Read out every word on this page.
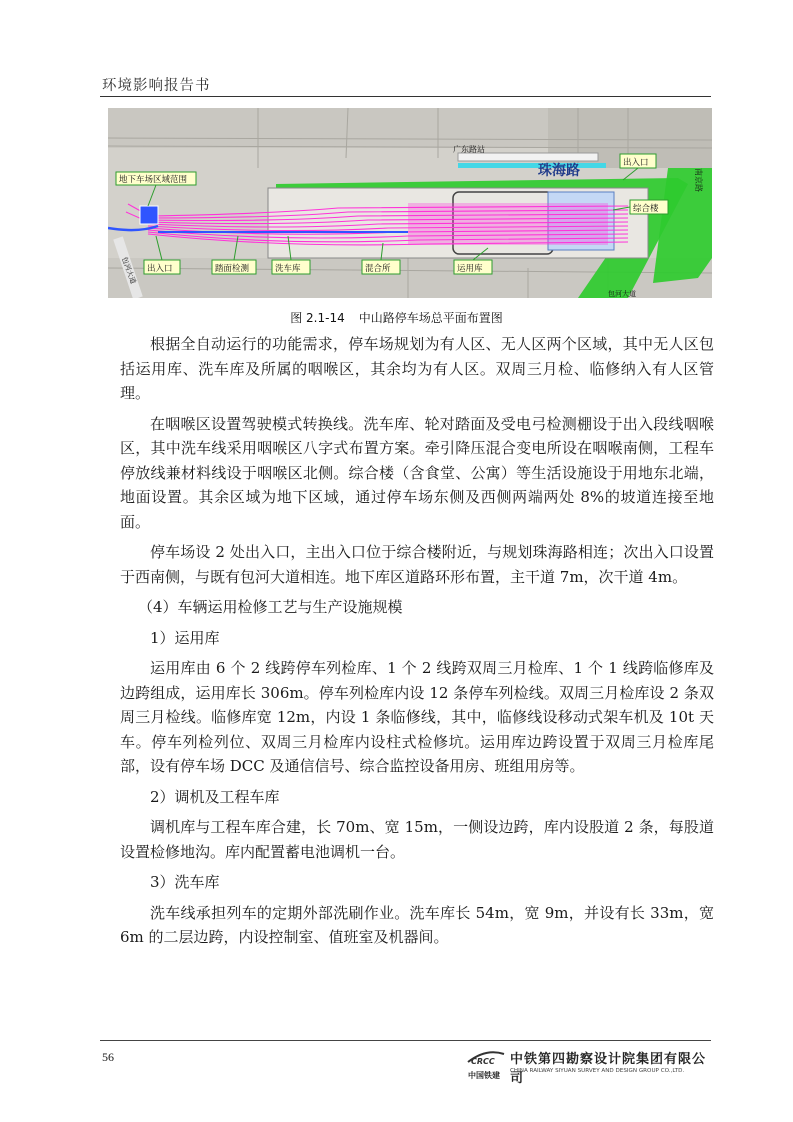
环境影响报告书
广东路站
珠海路	南京路
包河大道
地下车场区域范围
出入口
综合楼
出入口	踏面检测	洗车库	混合所	运用库
包河大道
图 2.1-14 中山路停车场总平面布置图

根据全自动运行的功能需求，停车场规划为有人区、无人区两个区域，其中无人区包括运用库、洗车库及所属的咽喉区，其余均为有人区。双周三月检、临修纳入有人区管理。

在咽喉区设置驾驶模式转换线。洗车库、轮对踏面及受电弓检测棚设于出入段线咽喉区，其中洗车线采用咽喉区八字式布置方案。牵引降压混合变电所设在咽喉南侧，工程车停放线兼材料线设于咽喉区北侧。综合楼（含食堂、公寓）等生活设施设于用地东北端，地面设置。其余区域为地下区域，通过停车场东侧及西侧两端两处 8%的坡道连接至地面。

停车场设 2 处出入口，主出入口位于综合楼附近，与规划珠海路相连；次出入口设置于西南侧，与既有包河大道相连。地下库区道路环形布置，主干道 7m，次干道 4m。

（4）车辆运用检修工艺与生产设施规模

1）运用库

运用库由 6 个 2 线跨停车列检库、1 个 2 线跨双周三月检库、1 个 1 线跨临修库及边跨组成，运用库长 306m。停车列检库内设 12 条停车列检线。双周三月检库设 2 条双周三月检线。临修库宽 12m，内设 1 条临修线，其中，临修线设移动式架车机及 10t 天车。停车列检列位、双周三月检库内设柱式检修坑。运用库边跨设置于双周三月检库尾部，设有停车场 DCC 及通信信号、综合监控设备用房、班组用房等。

2）调机及工程车库

调机库与工程车库合建，长 70m、宽 15m，一侧设边跨，库内设股道 2 条，每股道设置检修地沟。库内配置蓄电池调机一台。

3）洗车库

洗车线承担列车的定期外部洗刷作业。洗车库长 54m，宽 9m，并设有长 33m，宽 6m 的二层边跨，内设控制室、值班室及机器间。

56	CRCC
中国铁建
中铁第四勘察设计院集团有限公司
CHINA RAILWAY SIYUAN SURVEY AND DESIGN GROUP CO.,LTD.
